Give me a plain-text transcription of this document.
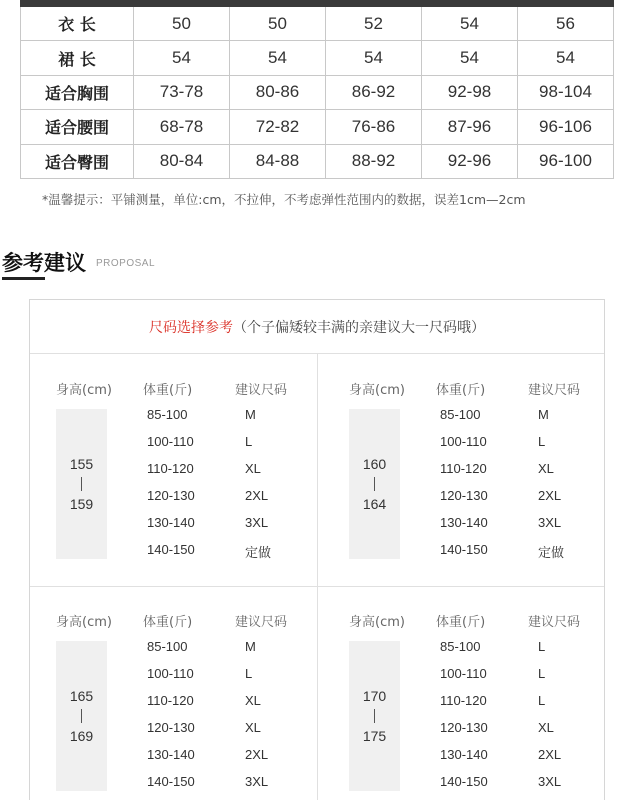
衣 长	50	50	52	54	56
裙 长	54	54	54	54	54
适合胸围	73-78	80-86	86-92	92-98	98-104
适合腰围	68-78	72-82	76-86	87-96	96-106
适合臀围	80-84	84-88	88-92	92-96	96-100
*温馨提示：平铺测量，单位:cm，不拉伸，不考虑弹性范围内的数据，误差1cm—2cm
参考建议 PROPOSAL
尺码选择参考 （个子偏矮较丰满的亲建议大一尺码哦）
身高(cm) 体重(斤)	建议尺码
155
159
85-100	M
100-110	L
110-120	XL
120-130	2XL
130-140	3XL
140-150	定做
身高(cm) 体重(斤)	建议尺码
160
164
85-100	M
100-110	L
110-120	XL
120-130	2XL
130-140	3XL
140-150	定做
身高(cm) 体重(斤)	建议尺码
165
169
85-100	M
100-110	L
110-120	XL
120-130	XL
130-140	2XL
140-150	3XL
身高(cm) 体重(斤)	建议尺码
170
175
85-100	L
100-110	L
110-120	L
120-130	XL
130-140	2XL
140-150	3XL
